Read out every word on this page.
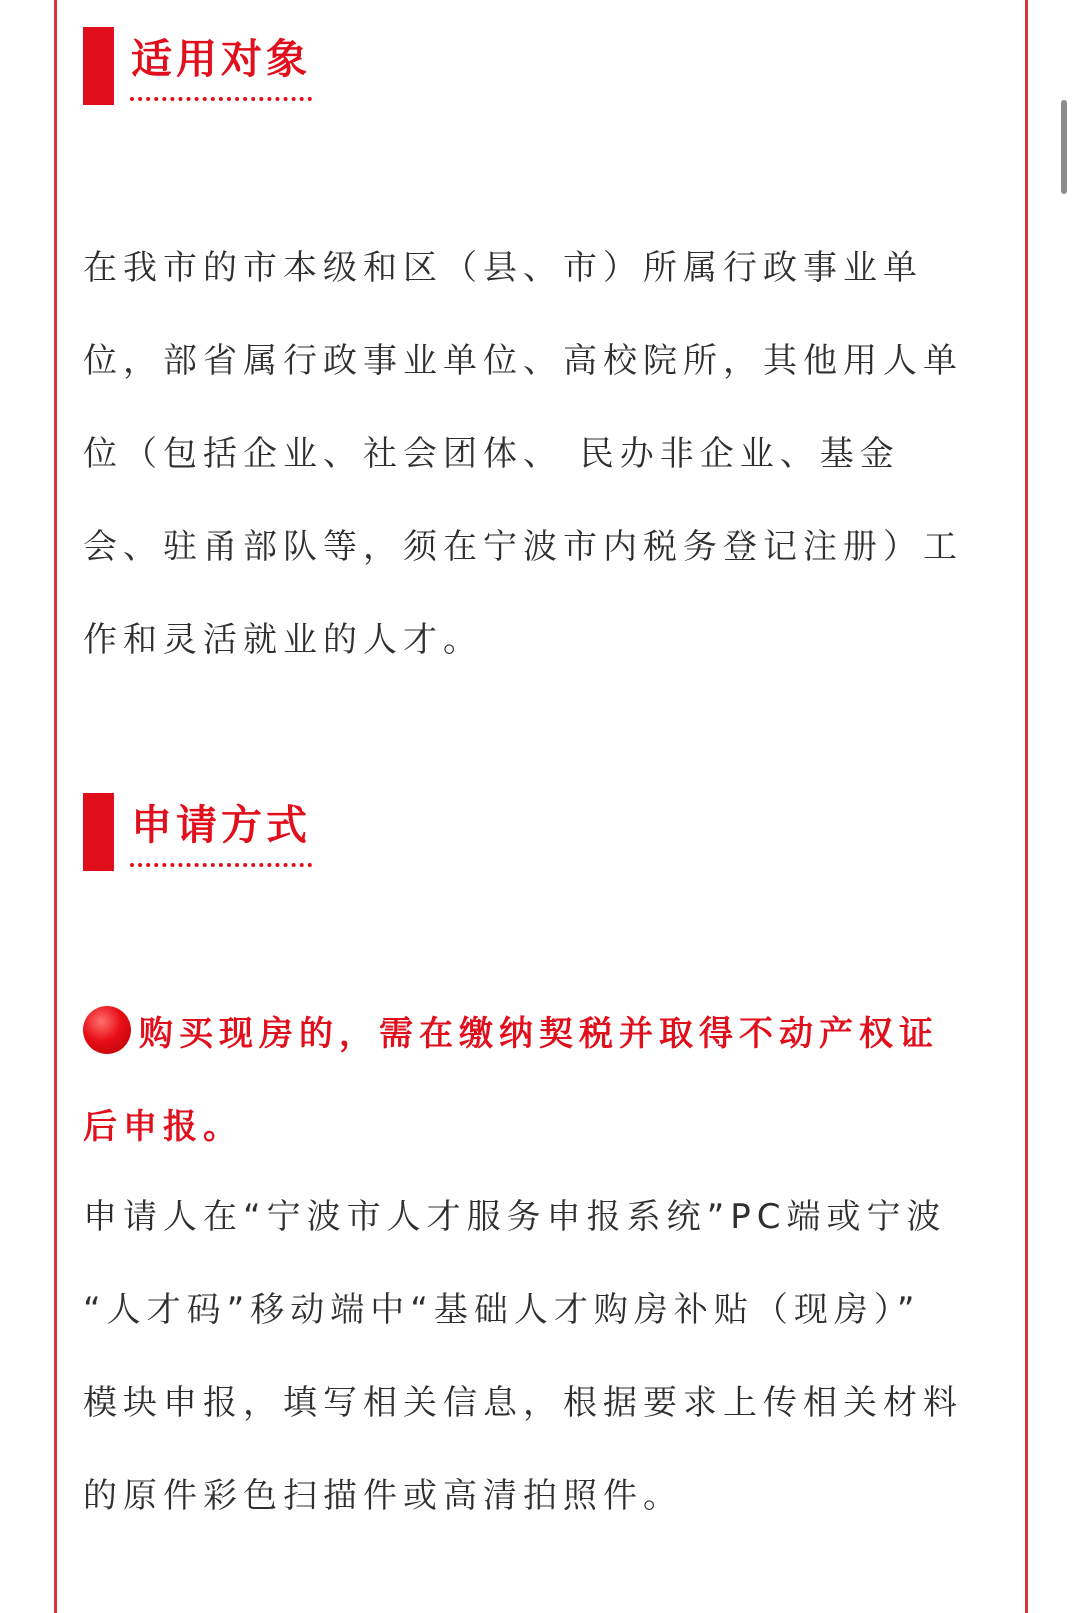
适用对象
在我市的市本级和区（县、市）所属行政事业单
位，部省属行政事业单位、高校院所，其他用人单
位（包括企业、社会团体、 民办非企业、基金
会、驻甬部队等，须在宁波市内税务登记注册）工
作和灵活就业的人才。
申请方式
购买现房的，需在缴纳契税并取得不动产权证
后申报。
申请人在“宁波市人才服务申报系统”PC端或宁波
“人才码”移动端中“基础人才购房补贴（现房）”
模块申报，填写相关信息，根据要求上传相关材料
的原件彩色扫描件或高清拍照件。
